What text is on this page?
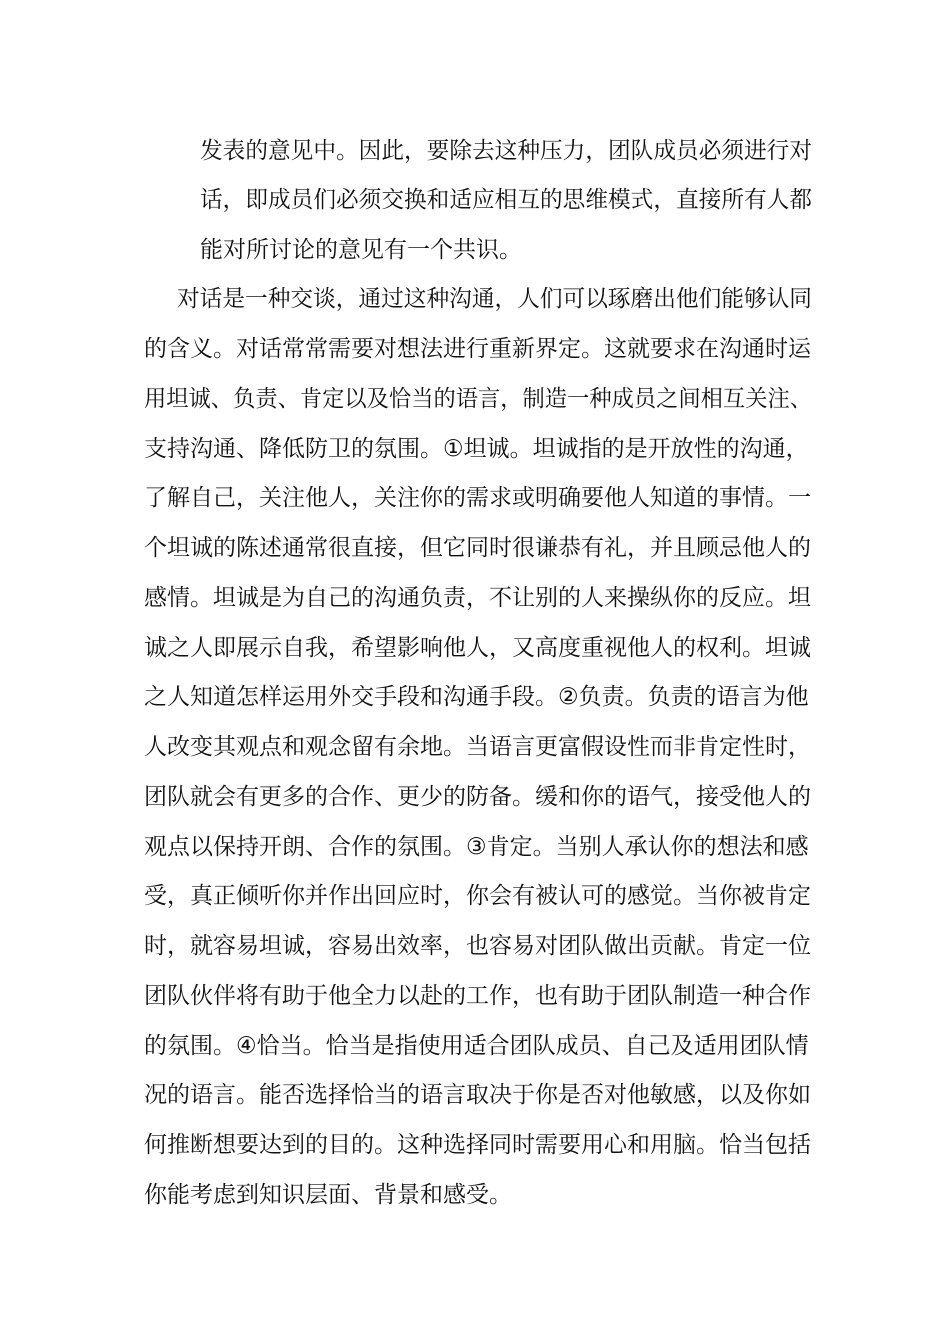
发表的意见中。因此，要除去这种压力，团队成员必须进行对
话，即成员们必须交换和适应相互的思维模式，直接所有人都
能对所讨论的意见有一个共识。
对话是一种交谈，通过这种沟通，人们可以琢磨出他们能够认同
的含义。对话常常需要对想法进行重新界定。这就要求在沟通时运
用坦诚、负责、肯定以及恰当的语言，制造一种成员之间相互关注、
支持沟通、降低防卫的氛围。①坦诚。坦诚指的是开放性的沟通，
了解自己，关注他人，关注你的需求或明确要他人知道的事情。一
个坦诚的陈述通常很直接，但它同时很谦恭有礼，并且顾忌他人的
感情。坦诚是为自己的沟通负责，不让别的人来操纵你的反应。坦
诚之人即展示自我，希望影响他人，又高度重视他人的权利。坦诚
之人知道怎样运用外交手段和沟通手段。②负责。负责的语言为他
人改变其观点和观念留有余地。当语言更富假设性而非肯定性时，
团队就会有更多的合作、更少的防备。缓和你的语气，接受他人的
观点以保持开朗、合作的氛围。③肯定。当别人承认你的想法和感
受，真正倾听你并作出回应时，你会有被认可的感觉。当你被肯定
时，就容易坦诚，容易出效率，也容易对团队做出贡献。肯定一位
团队伙伴将有助于他全力以赴的工作，也有助于团队制造一种合作
的氛围。④恰当。恰当是指使用适合团队成员、自己及适用团队情
况的语言。能否选择恰当的语言取决于你是否对他敏感，以及你如
何推断想要达到的目的。这种选择同时需要用心和用脑。恰当包括
你能考虑到知识层面、背景和感受。
